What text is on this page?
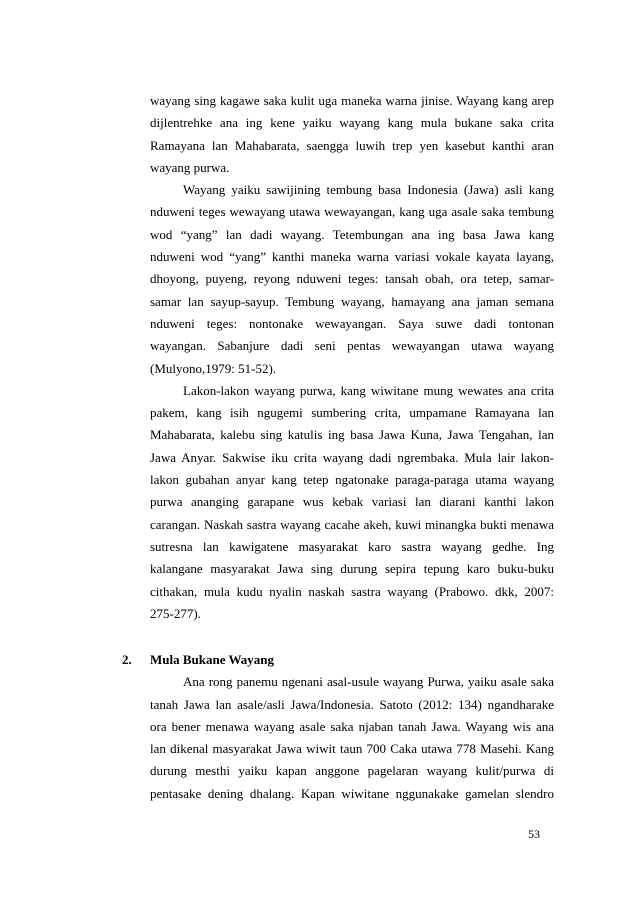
wayang sing kagawe saka kulit uga maneka warna jinise. Wayang kang arep
dijlentrehke ana ing kene yaiku wayang kang mula bukane saka crita
Ramayana lan Mahabarata, saengga luwih trep yen kasebut kanthi aran
wayang purwa.
Wayang yaiku sawijining tembung basa Indonesia (Jawa) asli kang
nduweni teges wewayang utawa wewayangan, kang uga asale saka tembung
wod “yang” lan dadi wayang. Tetembungan ana ing basa Jawa kang
nduweni wod “yang” kanthi maneka warna variasi vokale kayata layang,
dhoyong, puyeng, reyong nduweni teges: tansah obah, ora tetep, samar-
samar lan sayup-sayup. Tembung wayang, hamayang ana jaman semana
nduweni teges: nontonake wewayangan. Saya suwe dadi tontonan
wayangan. Sabanjure dadi seni pentas wewayangan utawa wayang
(Mulyono,1979: 51-52).
Lakon-lakon wayang purwa, kang wiwitane mung wewates ana crita
pakem, kang isih ngugemi sumbering crita, umpamane Ramayana lan
Mahabarata, kalebu sing katulis ing basa Jawa Kuna, Jawa Tengahan, lan
Jawa Anyar. Sakwise iku crita wayang dadi ngrembaka. Mula lair lakon-
lakon gubahan anyar kang tetep ngatonake paraga-paraga utama wayang
purwa ananging garapane wus kebak variasi lan diarani kanthi lakon
carangan. Naskah sastra wayang cacahe akeh, kuwi minangka bukti menawa
sutresna lan kawigatene masyarakat karo sastra wayang gedhe. Ing
kalangane masyarakat Jawa sing durung sepira tepung karo buku-buku
cithakan, mula kudu nyalin naskah sastra wayang (Prabowo. dkk, 2007:
275-277).
2. Mula Bukane Wayang
Ana rong panemu ngenani asal-usule wayang Purwa, yaiku asale saka
tanah Jawa lan asale/asli Jawa/Indonesia. Satoto (2012: 134) ngandharake
ora bener menawa wayang asale saka njaban tanah Jawa. Wayang wis ana
lan dikenal masyarakat Jawa wiwit taun 700 Caka utawa 778 Masehi. Kang
durung mesthi yaiku kapan anggone pagelaran wayang kulit/purwa di
pentasake dening dhalang. Kapan wiwitane nggunakake gamelan slendro
53
